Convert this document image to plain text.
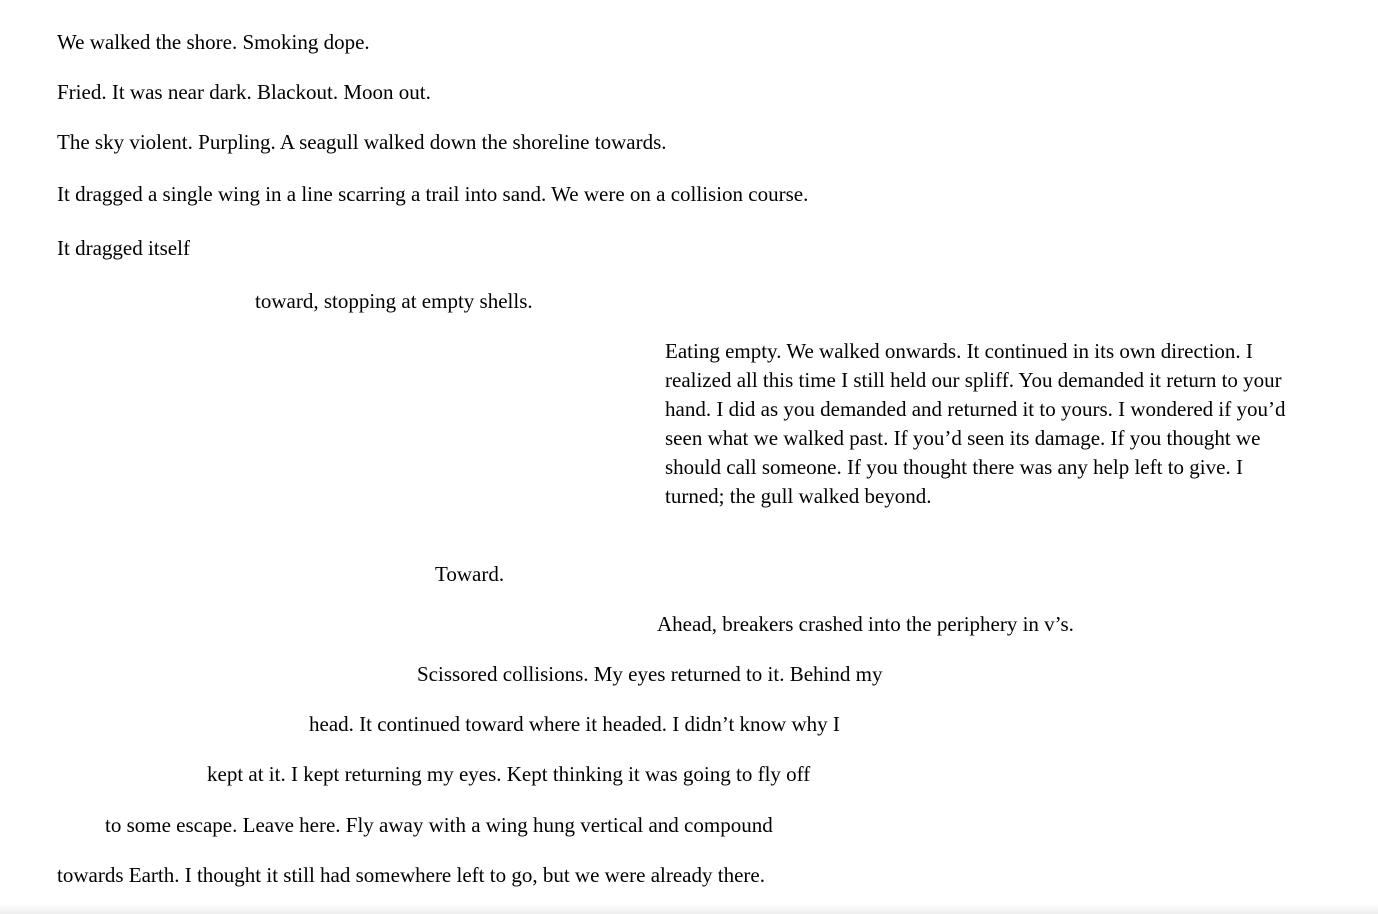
We walked the shore. Smoking dope.

Fried. It was near dark. Blackout. Moon out.

The sky violent. Purpling. A seagull walked down the shoreline towards.

It dragged a single wing in a line scarring a trail into sand. We were on a collision course.

It dragged itself

toward, stopping at empty shells.

Eating empty. We walked onwards. It continued in its own direction. I realized all this time I still held our spliff. You demanded it return to your hand. I did as you demanded and returned it to yours. I wondered if you’d seen what we walked past. If you’d seen its damage. If you thought we should call someone. If you thought there was any help left to give. I turned; the gull walked beyond.

Toward.

Ahead, breakers crashed into the periphery in v’s.

Scissored collisions. My eyes returned to it. Behind my

head. It continued toward where it headed. I didn’t know why I

kept at it. I kept returning my eyes. Kept thinking it was going to fly off

to some escape. Leave here. Fly away with a wing hung vertical and compound

towards Earth. I thought it still had somewhere left to go, but we were already there.
